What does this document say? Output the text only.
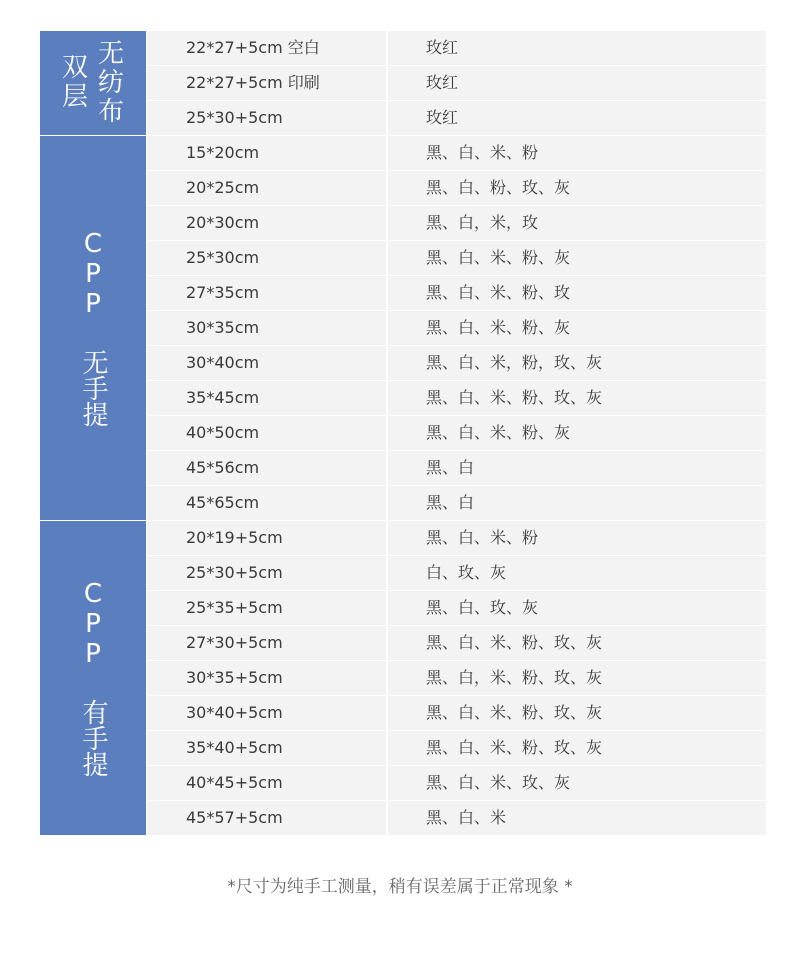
双 无
层 纺
布
22*27+5cm 空白	玫红
22*27+5cm 印刷	玫红
25*30+5cm	玫红
CPP 无手提
15*20cm	黑、白、米、粉
20*25cm	黑、白、粉、玫、灰
20*30cm	黑、白，米，玫
25*30cm	黑、白、米、粉、灰
27*35cm	黑、白、米、粉、玫
30*35cm	黑、白、米、粉、灰
30*40cm	黑、白、米，粉，玫、灰
35*45cm	黑、白、米、粉、玫、灰
40*50cm	黑、白、米、粉、灰
45*56cm	黑、白
45*65cm	黑、白
CPP 有手提
20*19+5cm	黑、白、米、粉
25*30+5cm	白、玫、灰
25*35+5cm	黑、白、玫、灰
27*30+5cm	黑、白、米、粉、玫、灰
30*35+5cm	黑、白，米、粉、玫、灰
30*40+5cm	黑、白、米、粉、玫、灰
35*40+5cm	黑、白、米、粉、玫、灰
40*45+5cm	黑、白、米、玫、灰
45*57+5cm	黑、白、米
*尺寸为纯手工测量，稍有误差属于正常现象 *
